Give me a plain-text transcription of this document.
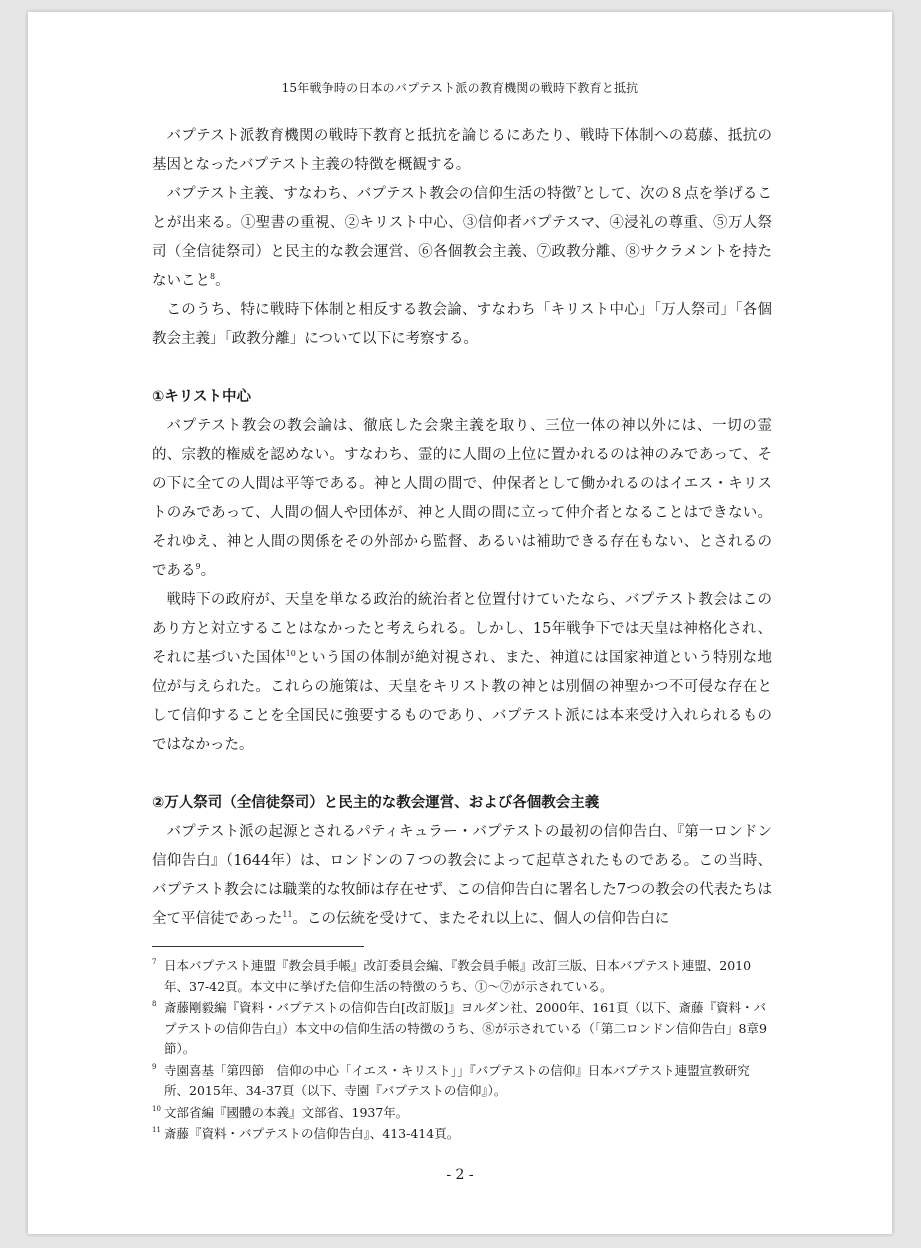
15年戦争時の日本のバプテスト派の教育機関の戦時下教育と抵抗

バプテスト派教育機関の戦時下教育と抵抗を論じるにあたり、戦時下体制への葛藤、抵抗の基因となったバプテスト主義の特徴を概観する。

バプテスト主義、すなわち、バプテスト教会の信仰生活の特徴$^7$として、次の８点を挙げることが出来る。①聖書の重視、②キリスト中心、③信仰者バプテスマ、④浸礼の尊重、⑤万人祭司（全信徒祭司）と民主的な教会運営、⑥各個教会主義、⑦政教分離、⑧サクラメントを持たないこと$^8$。

このうち、特に戦時下体制と相反する教会論、すなわち「キリスト中心」「万人祭司」「各個教会主義」「政教分離」について以下に考察する。

①キリスト中心

バプテスト教会の教会論は、徹底した会衆主義を取り、三位一体の神以外には、一切の霊的、宗教的権威を認めない。すなわち、霊的に人間の上位に置かれるのは神のみであって、その下に全ての人間は平等である。神と人間の間で、仲保者として働かれるのはイエス・キリストのみであって、人間の個人や団体が、神と人間の間に立って仲介者となることはできない。それゆえ、神と人間の関係をその外部から監督、あるいは補助できる存在もない、とされるのである$^9$。

戦時下の政府が、天皇を単なる政治的統治者と位置付けていたなら、バプテスト教会はこのあり方と対立することはなかったと考えられる。しかし、15年戦争下では天皇は神格化され、それに基づいた国体$^{10}$という国の体制が絶対視され、また、神道には国家神道という特別な地位が与えられた。これらの施策は、天皇をキリスト教の神とは別個の神聖かつ不可侵な存在として信仰することを全国民に強要するものであり、バプテスト派には本来受け入れられるものではなかった。

②万人祭司（全信徒祭司）と民主的な教会運営、および各個教会主義

バプテスト派の起源とされるパティキュラー・バプテストの最初の信仰告白、『第一ロンドン信仰告白』（1644年）は、ロンドンの７つの教会によって起草されたものである。この当時、バプテスト教会には職業的な牧師は存在せず、この信仰告白に署名した7つの教会の代表たちは全て平信徒であった$^{11}$。この伝統を受けて、またそれ以上に、個人の信仰告白に

7 日本バプテスト連盟『教会員手帳』改訂委員会編、『教会員手帳』改訂三版、日本バプテスト連盟、2010年、37-42頁。本文中に挙げた信仰生活の特徴のうち、①〜⑦が示されている。
8 斎藤剛毅編『資料・バプテストの信仰告白[改訂版]』ヨルダン社、2000年、161頁（以下、斎藤『資料・バプテストの信仰告白』）本文中の信仰生活の特徴のうち、⑧が示されている（「第二ロンドン信仰告白」8章9節）。
9 寺園喜基「第四節　信仰の中心「イエス・キリスト」」『バプテストの信仰』日本バプテスト連盟宣教研究所、2015年、34-37頁（以下、寺園『バプテストの信仰』）。
10 文部省編『國體の本義』文部省、1937年。
11 斎藤『資料・バプテストの信仰告白』、413-414頁。
- 2 -
